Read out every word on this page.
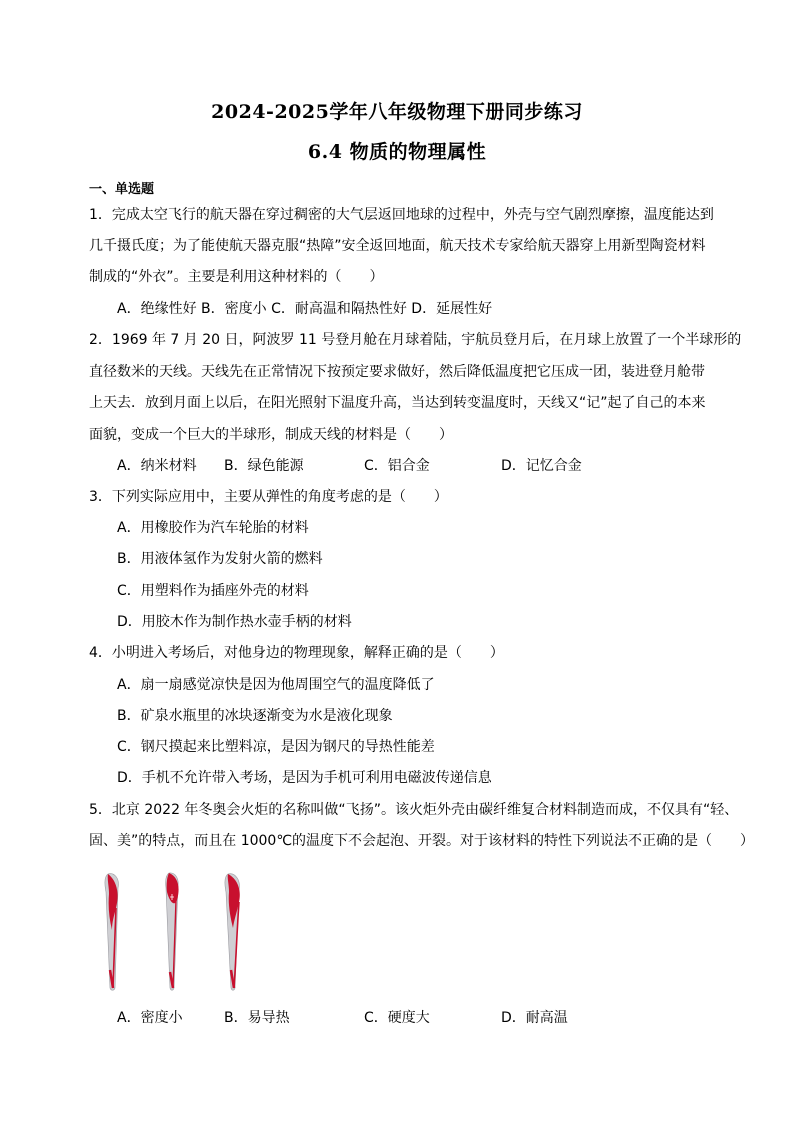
2024-2025学年八年级物理下册同步练习
6.4 物质的物理属性
一、单选题
1．完成太空飞行的航天器在穿过稠密的大气层返回地球的过程中，外壳与空气剧烈摩擦，温度能达到
几千摄氏度；为了能使航天器克服“热障”安全返回地面，航天技术专家给航天器穿上用新型陶瓷材料
制成的“外衣”。主要是利用这种材料的（　　）
A．绝缘性好 B．密度小 C．耐高温和隔热性好 D．延展性好
2．1969 年 7 月 20 日，阿波罗 11 号登月舱在月球着陆，宇航员登月后，在月球上放置了一个半球形的
直径数米的天线。天线先在正常情况下按预定要求做好，然后降低温度把它压成一团，装进登月舱带
上天去．放到月面上以后，在阳光照射下温度升高，当达到转变温度时，天线又“记”起了自己的本来
面貌，变成一个巨大的半球形，制成天线的材料是（　　）
A．纳米材料 B．绿色能源	C．铝合金	D．记忆合金
3．下列实际应用中，主要从弹性的角度考虑的是（　　）
A．用橡胶作为汽车轮胎的材料
B．用液体氢作为发射火箭的燃料
C．用塑料作为插座外壳的材料
D．用胶木作为制作热水壶手柄的材料
4．小明进入考场后，对他身边的物理现象，解释正确的是（　　）
A．扇一扇感觉凉快是因为他周围空气的温度降低了
B．矿泉水瓶里的冰块逐渐变为水是液化现象
C．钢尺摸起来比塑料凉，是因为钢尺的导热性能差
D．手机不允许带入考场，是因为手机可利用电磁波传递信息
5．北京 2022 年冬奥会火炬的名称叫做“飞扬”。该火炬外壳由碳纤维复合材料制造而成，不仅具有“轻、
固、美”的特点，而且在 1000℃的温度下不会起泡、开裂。对于该材料的特性下列说法不正确的是（　　）
A．密度小	B．易导热	C．硬度大	D．耐高温
